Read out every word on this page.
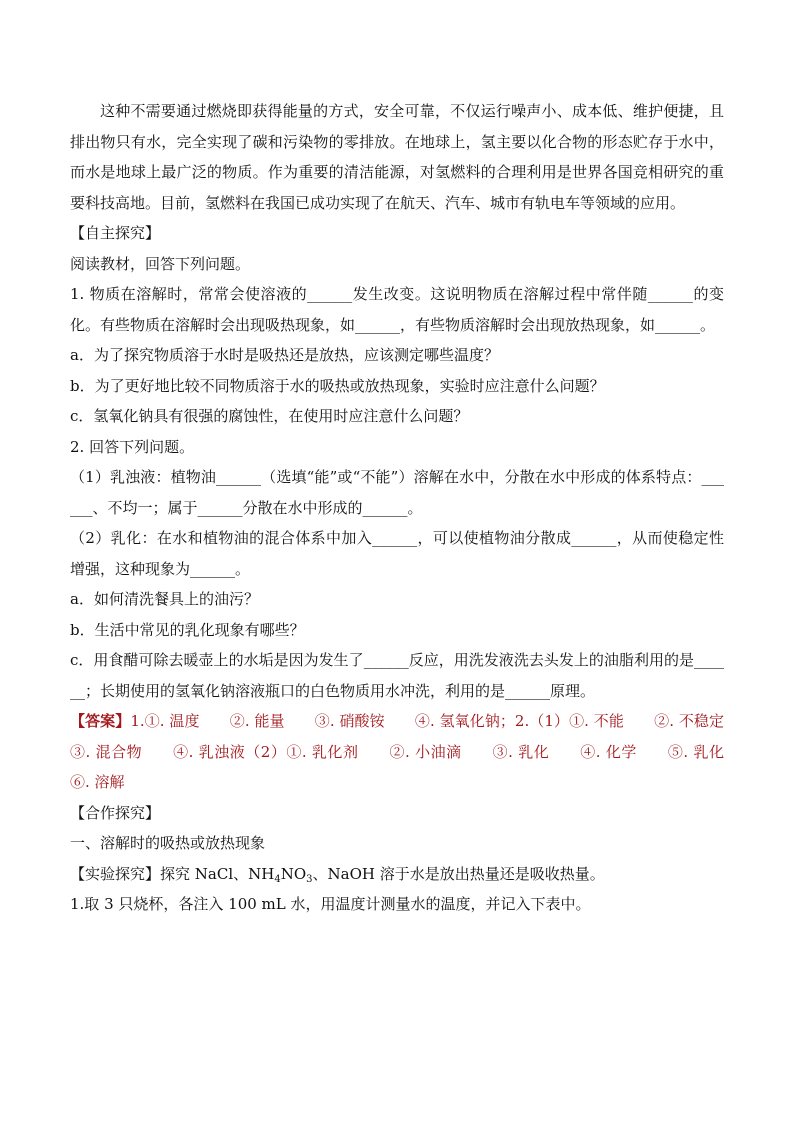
这种不需要通过燃烧即获得能量的方式，安全可靠，不仅运行噪声小、成本低、维护便捷，且排出物只有水，完全实现了碳和污染物的零排放。在地球上，氢主要以化合物的形态贮存于水中，而水是地球上最广泛的物质。作为重要的清洁能源，对氢燃料的合理利用是世界各国竞相研究的重要科技高地。目前，氢燃料在我国已成功实现了在航天、汽车、城市有轨电车等领域的应用。

【自主探究】

阅读教材，回答下列问题。

1. 物质在溶解时，常常会使溶液的______发生改变。这说明物质在溶解过程中常伴随______的变化。有些物质在溶解时会出现吸热现象，如______，有些物质溶解时会出现放热现象，如______。

a．为了探究物质溶于水时是吸热还是放热，应该测定哪些温度？

b．为了更好地比较不同物质溶于水的吸热或放热现象，实验时应注意什么问题？

c．氢氧化钠具有很强的腐蚀性，在使用时应注意什么问题？

2. 回答下列问题。

（1）乳浊液：植物油______（选填“能”或“不能”）溶解在水中，分散在水中形成的体系特点：______、不均一；属于______分散在水中形成的______。

（2）乳化：在水和植物油的混合体系中加入______，可以使植物油分散成______，从而使稳定性增强，这种现象为______。

a．如何清洗餐具上的油污？

b．生活中常见的乳化现象有哪些？

c．用食醋可除去暖壶上的水垢是因为发生了______反应，用洗发液洗去头发上的油脂利用的是______；长期使用的氢氧化钠溶液瓶口的白色物质用水冲洗，利用的是______原理。

【答案】1.①. 温度　　②. 能量　　③. 硝酸铵　　④. 氢氧化钠；2.（1）①. 不能　　②. 不稳定　　③. 混合物　　④. 乳浊液（2）①. 乳化剂　　②. 小油滴　　③. 乳化　　④. 化学　　⑤. 乳化　　⑥. 溶解

【合作探究】

一、溶解时的吸热或放热现象

【实验探究】探究 NaCl、$NH_4NO_3$、NaOH 溶于水是放出热量还是吸收热量。

1.取 3 只烧杯，各注入 100 mL 水，用温度计测量水的温度，并记入下表中。
